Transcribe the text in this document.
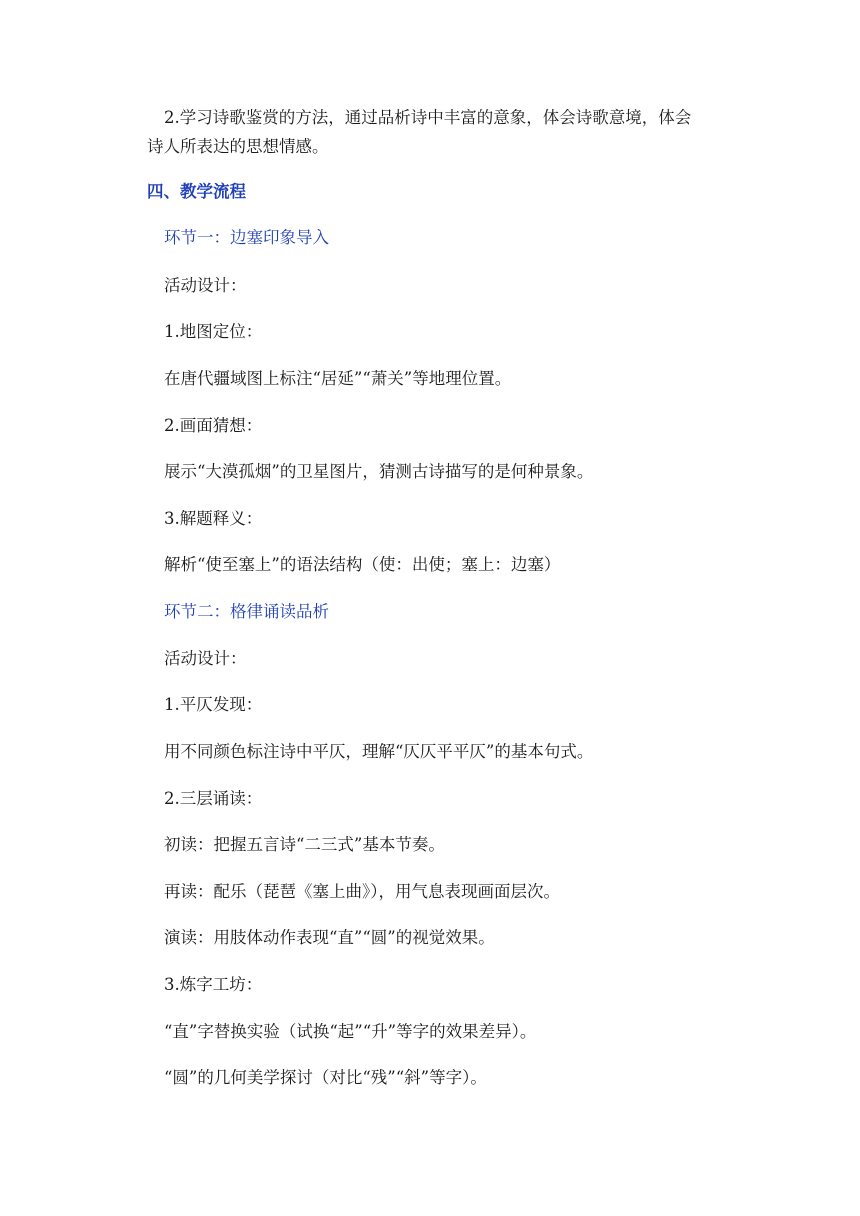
2.学习诗歌鉴赏的方法，通过品析诗中丰富的意象，体会诗歌意境，体会
诗人所表达的思想情感。
四、教学流程
环节一：边塞印象导入
活动设计：
1.地图定位：
在唐代疆域图上标注“居延”“萧关”等地理位置。
2.画面猜想：
展示“大漠孤烟”的卫星图片，猜测古诗描写的是何种景象。
3.解题释义：
解析“使至塞上”的语法结构（使：出使；塞上：边塞）
环节二：格律诵读品析
活动设计：
1.平仄发现：
用不同颜色标注诗中平仄，理解“仄仄平平仄”的基本句式。
2.三层诵读：
初读：把握五言诗“二三式”基本节奏。
再读：配乐（琵琶《塞上曲》），用气息表现画面层次。
演读：用肢体动作表现“直”“圆”的视觉效果。
3.炼字工坊：
“直”字替换实验（试换“起”“升”等字的效果差异）。
“圆”的几何美学探讨（对比“残”“斜”等字）。
